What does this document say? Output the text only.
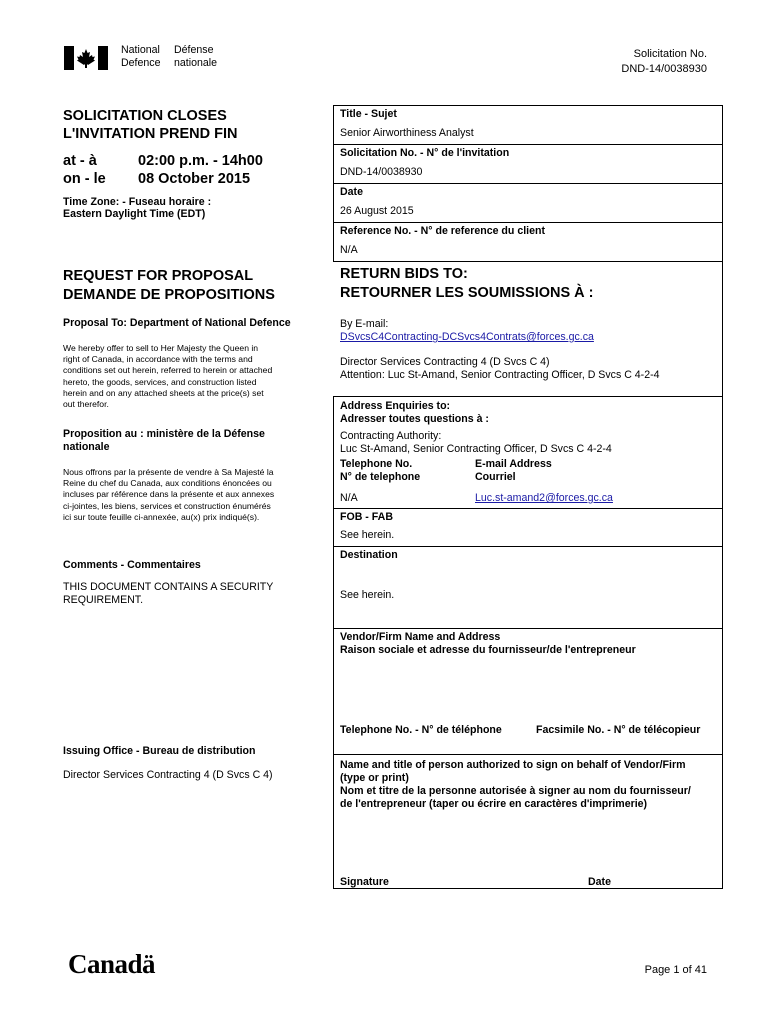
National
Defence
Défense
nationale
Solicitation No.
DND-14/0038930
SOLICITATION CLOSES
L'INVITATION PREND FIN
at - à	02:00 p.m. - 14h00
on - le 08 October 2015
Time Zone: - Fuseau horaire :
Eastern Daylight Time (EDT)
REQUEST FOR PROPOSAL
DEMANDE DE PROPOSITIONS
Proposal To: Department of National Defence
We hereby offer to sell to Her Majesty the Queen in
right of Canada, in accordance with the terms and
conditions set out herein, referred to herein or attached
hereto, the goods, services, and construction listed
herein and on any attached sheets at the price(s) set
out therefor.
Proposition au : ministère de la Défense
nationale
Nous offrons par la présente de vendre à Sa Majesté la
Reine du chef du Canada, aux conditions énoncées ou
incluses par référence dans la présente et aux annexes
ci-jointes, les biens, services et construction énumérés
ici sur toute feuille ci-annexée, au(x) prix indiqué(s).
Comments - Commentaires
THIS DOCUMENT CONTAINS A SECURITY
REQUIREMENT.
Issuing Office - Bureau de distribution
Director Services Contracting 4 (D Svcs C 4)
Title - Sujet
Senior Airworthiness Analyst
Solicitation No. - N° de l'invitation
DND-14/0038930
Date
26 August 2015
Reference No. - N° de reference du client
N/A
RETURN BIDS TO:
RETOURNER LES SOUMISSIONS À :
By E-mail:
DSvcsC4Contracting-DCSvcs4Contrats@forces.gc.ca
Director Services Contracting 4 (D Svcs C 4)
Attention: Luc St-Amand, Senior Contracting Officer, D Svcs C 4-2-4
Address Enquiries to:
Adresser toutes questions à :
Contracting Authority:
Luc St-Amand, Senior Contracting Officer, D Svcs C 4-2-4
Telephone No.
N° de telephone
E-mail Address
Courriel
N/A	Luc.st-amand2@forces.gc.ca
FOB - FAB
See herein.
Destination
See herein.
Vendor/Firm Name and Address
Raison sociale et adresse du fournisseur/de l'entrepreneur
Telephone No. - N° de téléphone	Facsimile No. - N° de télécopieur
Name and title of person authorized to sign on behalf of Vendor/Firm
(type or print)
Nom et titre de la personne autorisée à signer au nom du fournisseur/
de l'entrepreneur (taper ou écrire en caractères d'imprimerie)
Signature	Date
Canadä	Page 1 of 41
